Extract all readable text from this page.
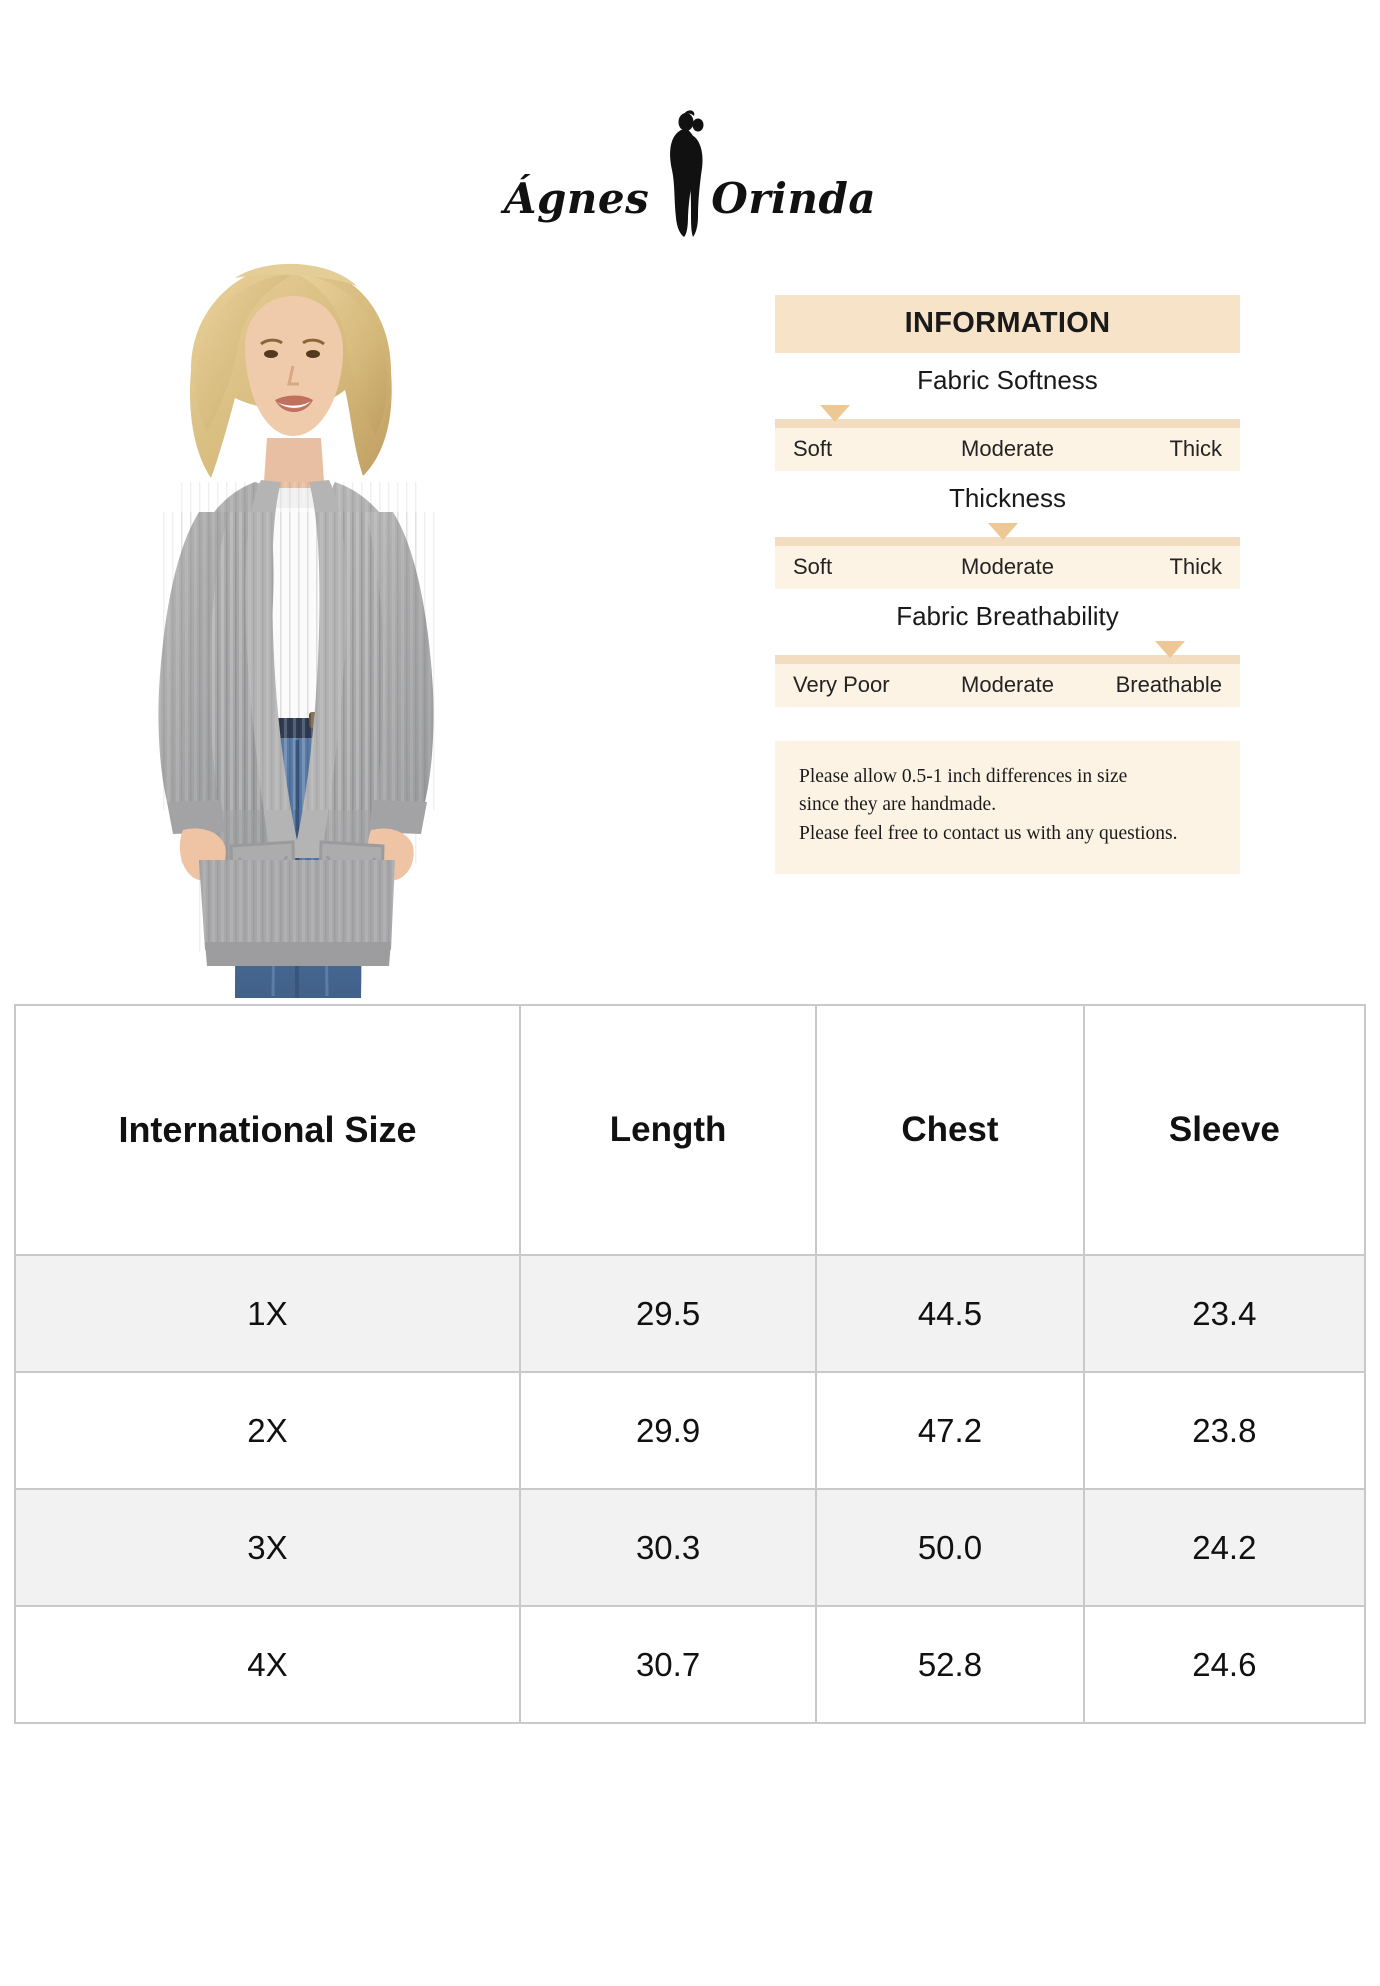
Ágnes Orinda
INFORMATION
Fabric Softness
Soft	Moderate	Thick
Thickness
Soft	Moderate	Thick
Fabric Breathability
Very Poor	Moderate	Breathable
Please allow 0.5-1 inch differences in size
since they are handmade.
Please feel free to contact us with any questions.
International Size	Length	Chest	Sleeve
1X	29.5	44.5	23.4
2X	29.9	47.2	23.8
3X	30.3	50.0	24.2
4X	30.7	52.8	24.6
